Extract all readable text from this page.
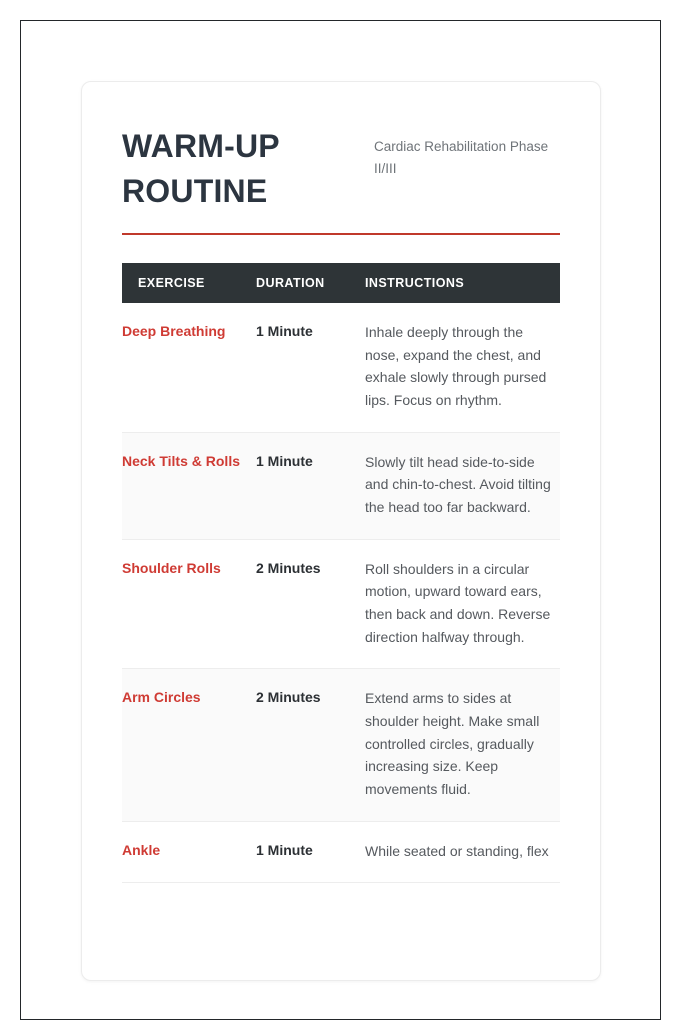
WARM-UP ROUTINE

Cardiac Rehabilitation Phase II/III

EXERCISE	DURATION	INSTRUCTIONS
Deep Breathing	1 Minute	Inhale deeply through the nose, expand the chest, and exhale slowly through pursed lips. Focus on rhythm.
Neck Tilts & Rolls	1 Minute	Slowly tilt head side-to-side and chin-to-chest. Avoid tilting the head too far backward.
Shoulder Rolls	2 Minutes	Roll shoulders in a circular motion, upward toward ears, then back and down. Reverse direction halfway through.
Arm Circles	2 Minutes	Extend arms to sides at shoulder height. Make small controlled circles, gradually increasing size. Keep movements fluid.
Ankle	1 Minute	While seated or standing, flex
